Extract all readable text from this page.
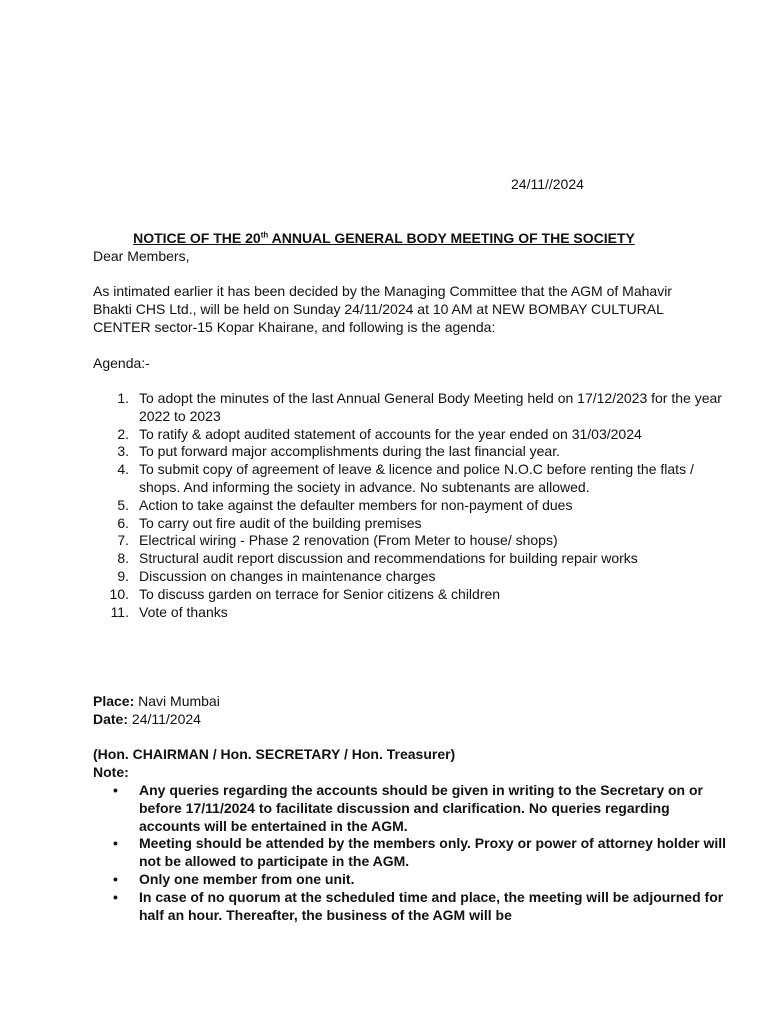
24/11//2024
NOTICE OF THE 20th ANNUAL GENERAL BODY MEETING OF THE SOCIETY
Dear Members,
As intimated earlier it has been decided by the Managing Committee that the AGM of Mahavir Bhakti CHS Ltd., will be held on Sunday 24/11/2024 at 10 AM at NEW BOMBAY CULTURAL CENTER sector-15 Kopar Khairane, and following is the agenda:
Agenda:-
1. To adopt the minutes of the last Annual General Body Meeting held on 17/12/2023 for the year 2022 to 2023
2. To ratify & adopt audited statement of accounts for the year ended on 31/03/2024
3. To put forward major accomplishments during the last financial year.
4. To submit copy of agreement of leave & licence and police N.O.C before renting the flats / shops. And informing the society in advance. No subtenants are allowed.
5. Action to take against the defaulter members for non-payment of dues
6. To carry out fire audit of the building premises
7. Electrical wiring - Phase 2 renovation (From Meter to house/ shops)
8. Structural audit report discussion and recommendations for building repair works
9. Discussion on changes in maintenance charges
10. To discuss garden on terrace for Senior citizens & children
11. Vote of thanks
Place: Navi Mumbai
Date: 24/11/2024
(Hon. CHAIRMAN / Hon. SECRETARY / Hon. Treasurer)
Note:
• Any queries regarding the accounts should be given in writing to the Secretary on or before 17/11/2024 to facilitate discussion and clarification. No queries regarding accounts will be entertained in the AGM.
• Meeting should be attended by the members only. Proxy or power of attorney holder will not be allowed to participate in the AGM.
• Only one member from one unit.
• In case of no quorum at the scheduled time and place, the meeting will be adjourned for half an hour. Thereafter, the business of the AGM will be
